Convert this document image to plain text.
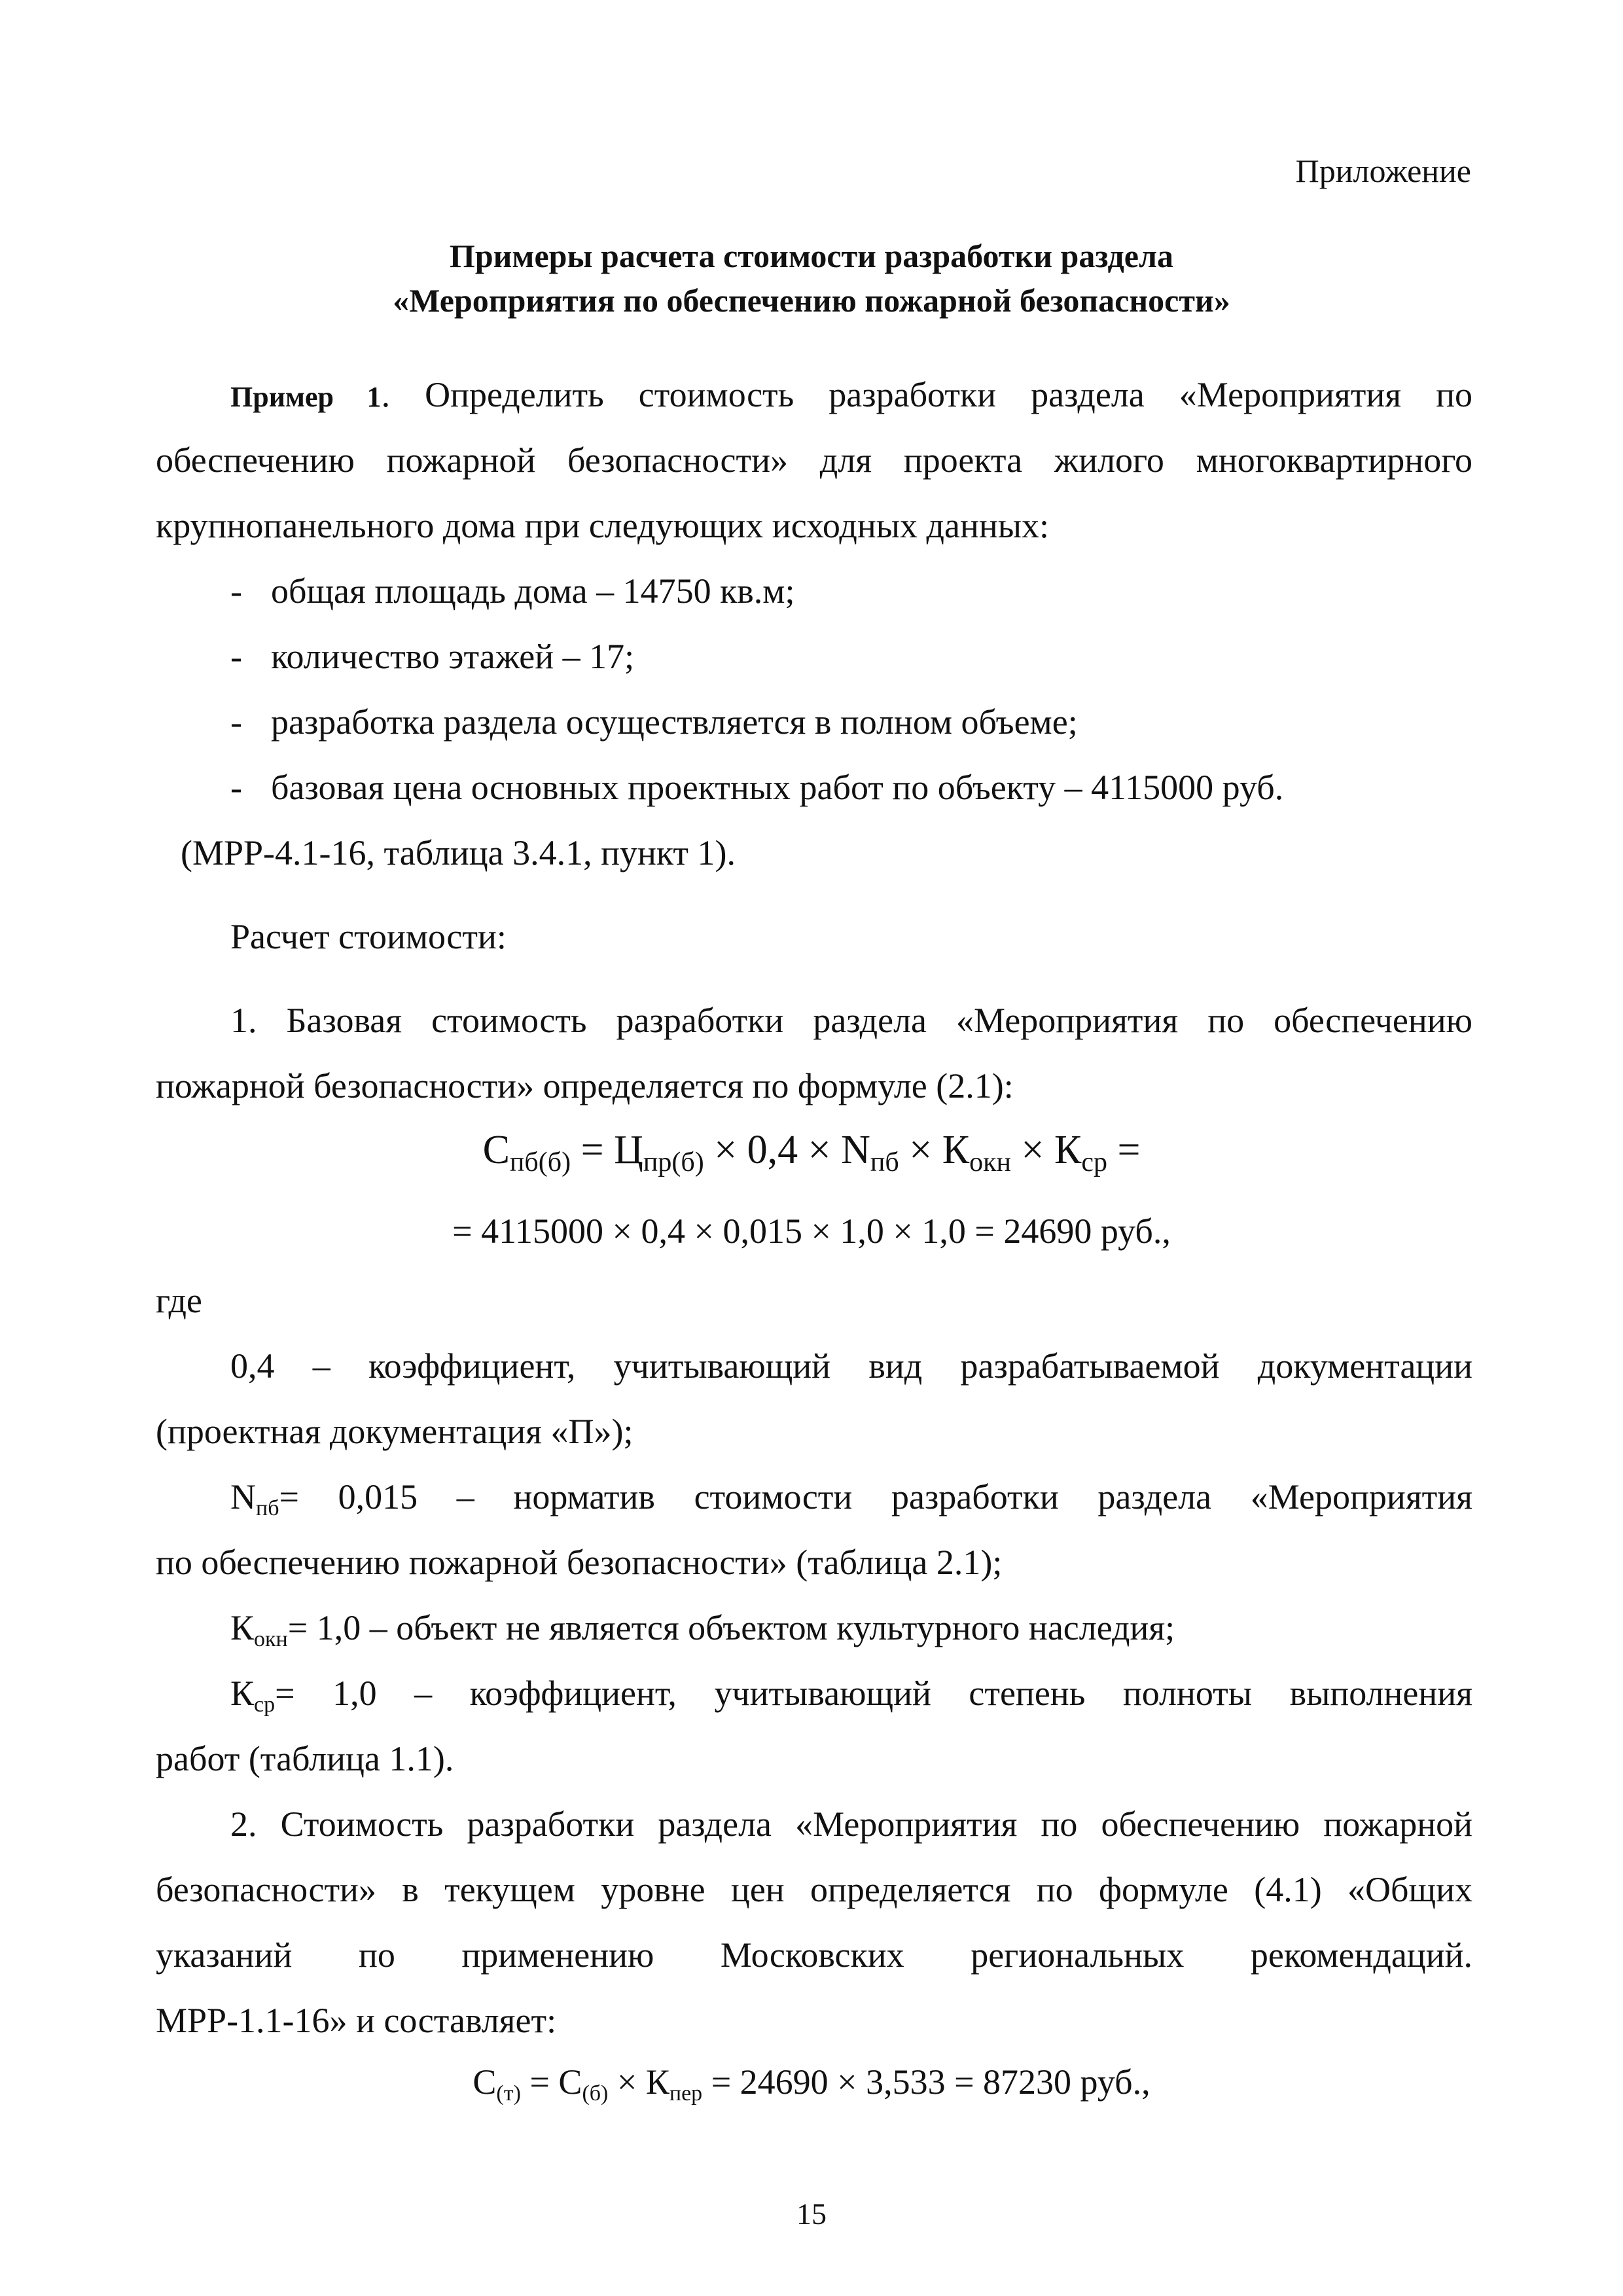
Приложение
Примеры расчета стоимости разработки раздела
«Мероприятия по обеспечению пожарной безопасности»
Пример 1. Определить стоимость разработки раздела «Мероприятия по
обеспечению пожарной безопасности» для проекта жилого многоквартирного
крупнопанельного дома при следующих исходных данных:
- общая площадь дома – 14750 кв.м;
- количество этажей – 17;
- разработка раздела осуществляется в полном объеме;
- базовая цена основных проектных работ по объекту – 4115000 руб.
(МРР-4.1-16, таблица 3.4.1, пункт 1).
Расчет стоимости:
1. Базовая стоимость разработки раздела «Мероприятия по обеспечению
пожарной безопасности» определяется по формуле (2.1):
$С_{пб(б)} = Ц_{пр(б)} \times 0,4 \times N_{пб} \times К_{окн} \times К_{ср}$ =
= 4115000 × 0,4 × 0,015 × 1,0 × 1,0 = 24690 руб.,
где
0,4 – коэффициент, учитывающий вид разрабатываемой документации
(проектная документация «П»);
$N_{пб}= 0,015$ – норматив стоимости разработки раздела «Мероприятия
по обеспечению пожарной безопасности» (таблица 2.1);
$К_{окн}= 1,0$ – объект не является объектом культурного наследия;
$К_{ср}= 1,0$ – коэффициент, учитывающий степень полноты выполнения
работ (таблица 1.1).
2. Стоимость разработки раздела «Мероприятия по обеспечению пожарной
безопасности» в текущем уровне цен определяется по формуле (4.1) «Общих
указаний по применению Московских региональных рекомендаций.
МРР-1.1-16» и составляет:
$С_{(т)} = С_{(б)} \times К_{пер} = 24690 \times 3,533 = 87230$ руб.,
15
